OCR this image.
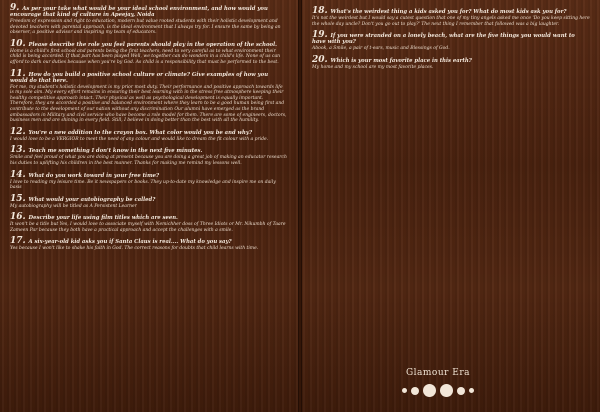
9. As per your take what would be your ideal school environment, and how would you encourage that kind of culture in Apeejay, Noida

Freedom of expression and right to education, modern but value rooted students with their holistic development and devoted teachers with parental approach, is the ideal environment that I always try for. I ensure the same by being an observer, a positive advisor and inspiring my team of educators.

10. Please describe the role you feel parents should play in the operation of the school.

Home is a child's first school and parents being the first teachers, need to very careful as to what environment their child is being accorded. If that part has been played Well, we together can do wonders in a child's life. None of us can afford to dark our duties because when you're by God. As child is a responsibility that must be performed to the best.

11. How do you build a positive school culture or climate? Give examples of how you would do that here.

For me, my student's holistic development is my prior most duty. Their performance and positive approach towards life is my sole aim. My every effort remains in ensuring their best learning with in the stress free atmosphere keeping their healthy competitive approach intact. Their physical as well as psychological development is equally important. Therefore, they are accorded a positive and balanced environment where they learn to be a good human being first and contribute to the development of our nation without any discrimination Our alumni have emerged as the brand ambassadors in Military and civil service who have become a role model for them. There are some of engineers, doctors, business men and are shining in every field. Still, I believe in doing better than the best with all the humility.

12. You're a new addition to the crayon box. What color would you be and why?

I would love to be a VERGIOR to meet the need of any colour and would like to dream the fit colour with a pride.

13. Teach me something I don't know in the next five minutes.

Smile and feel proud of what you are doing at present because you are doing a great job of making an educator research his duties to uplifting his children in the best manner. Thanks for making me remind my lessons well.

14. What do you work toward in your free time?

I love to reading my leisure time. Be it newspapers or books. They up-to-date my knowledge and inspire me on daily basis

15. What would your autobiography be called?

My autobiography will be titled as A Persistent Learner

16. Describe your life using film titles which are seen.

It won't be a title but Yes, I would love to associate myself with Nemichher doss of Three Idiots or Mr. Nikumbh of Taare Zameen Par because they both have a practical approach and accept the challenges with a smile.

17. A six-year-old kid asks you if Santa Claus is real.... What do you say?

Yes because I won't like to shake his faith in God. The correct reasons for doubts that child learns with time.

18. What's the weirdest thing a kids asked you for? What do most kids ask you for?

It's not the weirdest but I would say a cutest question that one of my tiny angels asked me once 'Do you keep sitting here the whole day uncle? Don't you go out to play?' The next thing I remember that followed was a big laughter.

19. If you were stranded on a lonely beach, what are the five things you would want to have with you?

Abook, a Smile, a pair of t-ears, music and Blessings of God.

20. Which is your most favorite place in this earth?

My home and my school are my most favorite places.

Glamour Era
